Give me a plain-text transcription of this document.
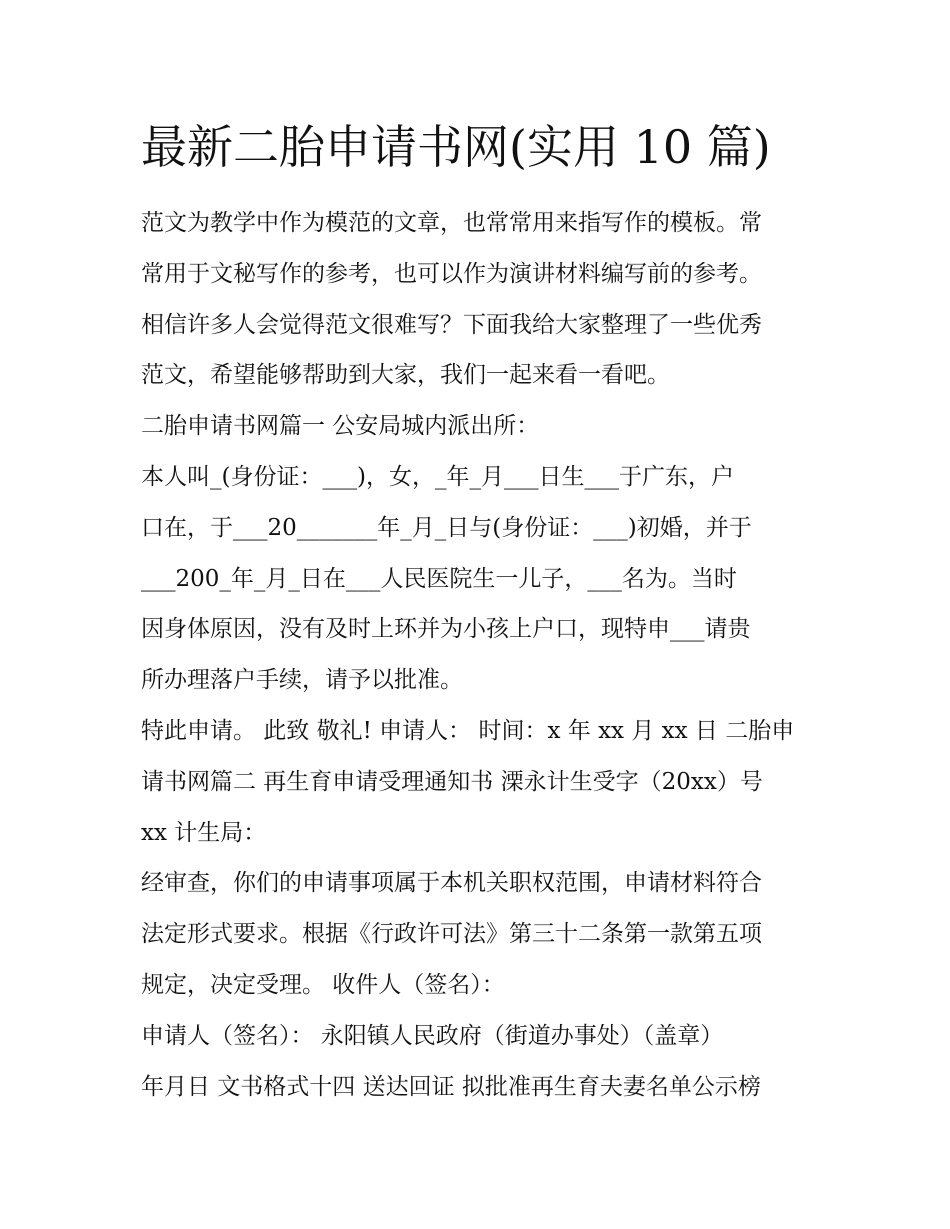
最新二胎申请书网(实用 10 篇)

范文为教学中作为模范的文章，也常常用来指写作的模板。常

常用于文秘写作的参考，也可以作为演讲材料编写前的参考。

相信许多人会觉得范文很难写？下面我给大家整理了一些优秀

范文，希望能够帮助到大家，我们一起来看一看吧。

二胎申请书网篇一 公安局城内派出所：

本人叫_(身份证：___)，女，_年_月___日生___于广东，户

口在，于___20_______年_月_日与(身份证：___)初婚，并于

___200_年_月_日在___人民医院生一儿子，___名为。当时

因身体原因，没有及时上环并为小孩上户口，现特申___请贵

所办理落户手续，请予以批准。

特此申请。 此致 敬礼! 申请人： 时间：x 年 xx 月 xx 日 二胎申

请书网篇二 再生育申请受理通知书 溧永计生受字（20xx）号

xx 计生局：

经审查，你们的申请事项属于本机关职权范围，申请材料符合

法定形式要求。根据《行政许可法》第三十二条第一款第五项

规定，决定受理。 收件人（签名）：

申请人（签名）： 永阳镇人民政府（街道办事处）（盖章）

年月日 文书格式十四 送达回证 拟批准再生育夫妻名单公示榜
